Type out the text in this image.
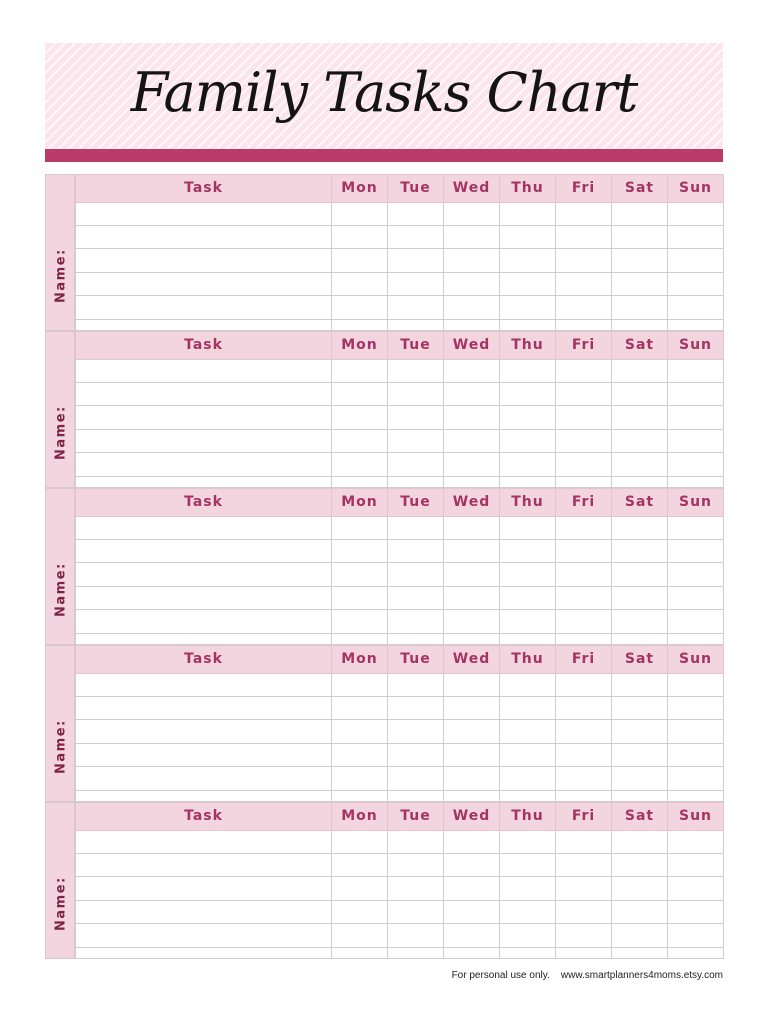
Family Tasks Chart
Name:
Task	Mon	Tue	Wed	Thu	Fri	Sat	Sun

Name:
Task	Mon	Tue	Wed	Thu	Fri	Sat	Sun

Name:
Task	Mon	Tue	Wed	Thu	Fri	Sat	Sun

Name:
Task	Mon	Tue	Wed	Thu	Fri	Sat	Sun

Name:
Task	Mon	Tue	Wed	Thu	Fri	Sat	Sun

For personal use only. www.smartplanners4moms.etsy.com
